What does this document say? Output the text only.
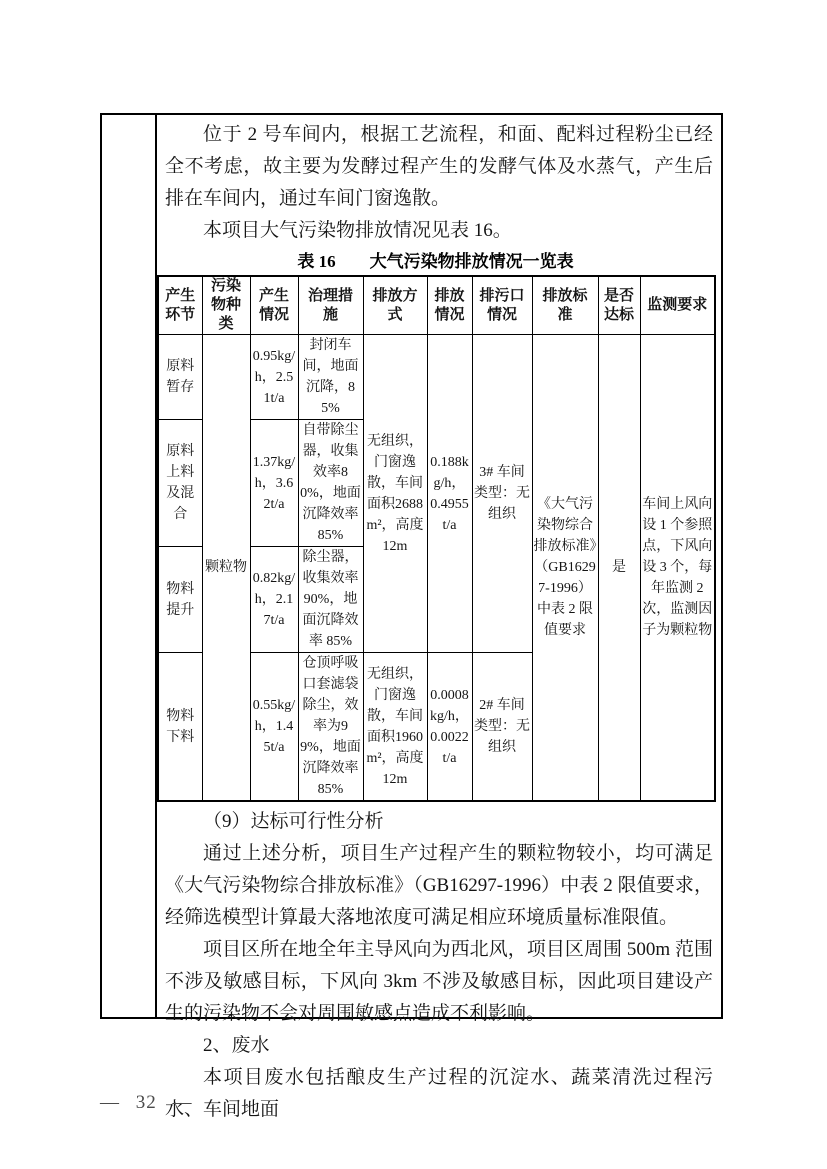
位于 2 号车间内，根据工艺流程，和面、配料过程粉尘已经全不考虑，故主要为发酵过程产生的发酵气体及水蒸气，产生后排在车间内，通过车间门窗逸散。

本项目大气污染物排放情况见表 16。

表 16　　大气污染物排放情况一览表
产生环节	污染物种类	产生情况	治理措施	排放方式	排放情况	排污口情况	排放标准	是否达标	监测要求
原料暂存	颗粒物	0.95kg/h，2.51t/a	封闭车间，地面沉降，85%	无组织，门窗逸散，车间面积2688m²，高度 12m	0.188kg/h，0.4955t/a	3# 车间 类型：无组织	《大气污染物综合排放标准》（GB16297-1996）中表 2 限值要求	是	车间上风向设 1 个参照点，下风向设 3 个，每年监测 2 次，监测因子为颗粒物
原料上料及混合		1.37kg/h，3.62t/a	自带除尘器，收集效率80%，地面沉降效率 85%						
物料提升		0.82kg/h，2.17t/a	除尘器，收集效率90%，地面沉降效率 85%						
物料下料		0.55kg/h，1.45t/a	仓顶呼吸口套滤袋除尘，效率为99%，地面沉降效率 85%	无组织，门窗逸散，车间面积1960m²，高度 12m	0.0008kg/h，0.0022t/a	2# 车间 类型：无组织			

（9）达标可行性分析

通过上述分析，项目生产过程产生的颗粒物较小，均可满足《大气污染物综合排放标准》（GB16297-1996）中表 2 限值要求，经筛选模型计算最大落地浓度可满足相应环境质量标准限值。

项目区所在地全年主导风向为西北风，项目区周围 500m 范围不涉及敏感目标，下风向 3km 不涉及敏感目标，因此项目建设产生的污染物不会对周围敏感点造成不利影响。

2、废水

本项目废水包括酿皮生产过程的沉淀水、蔬菜清洗过程污水、车间地面

— 32 —
